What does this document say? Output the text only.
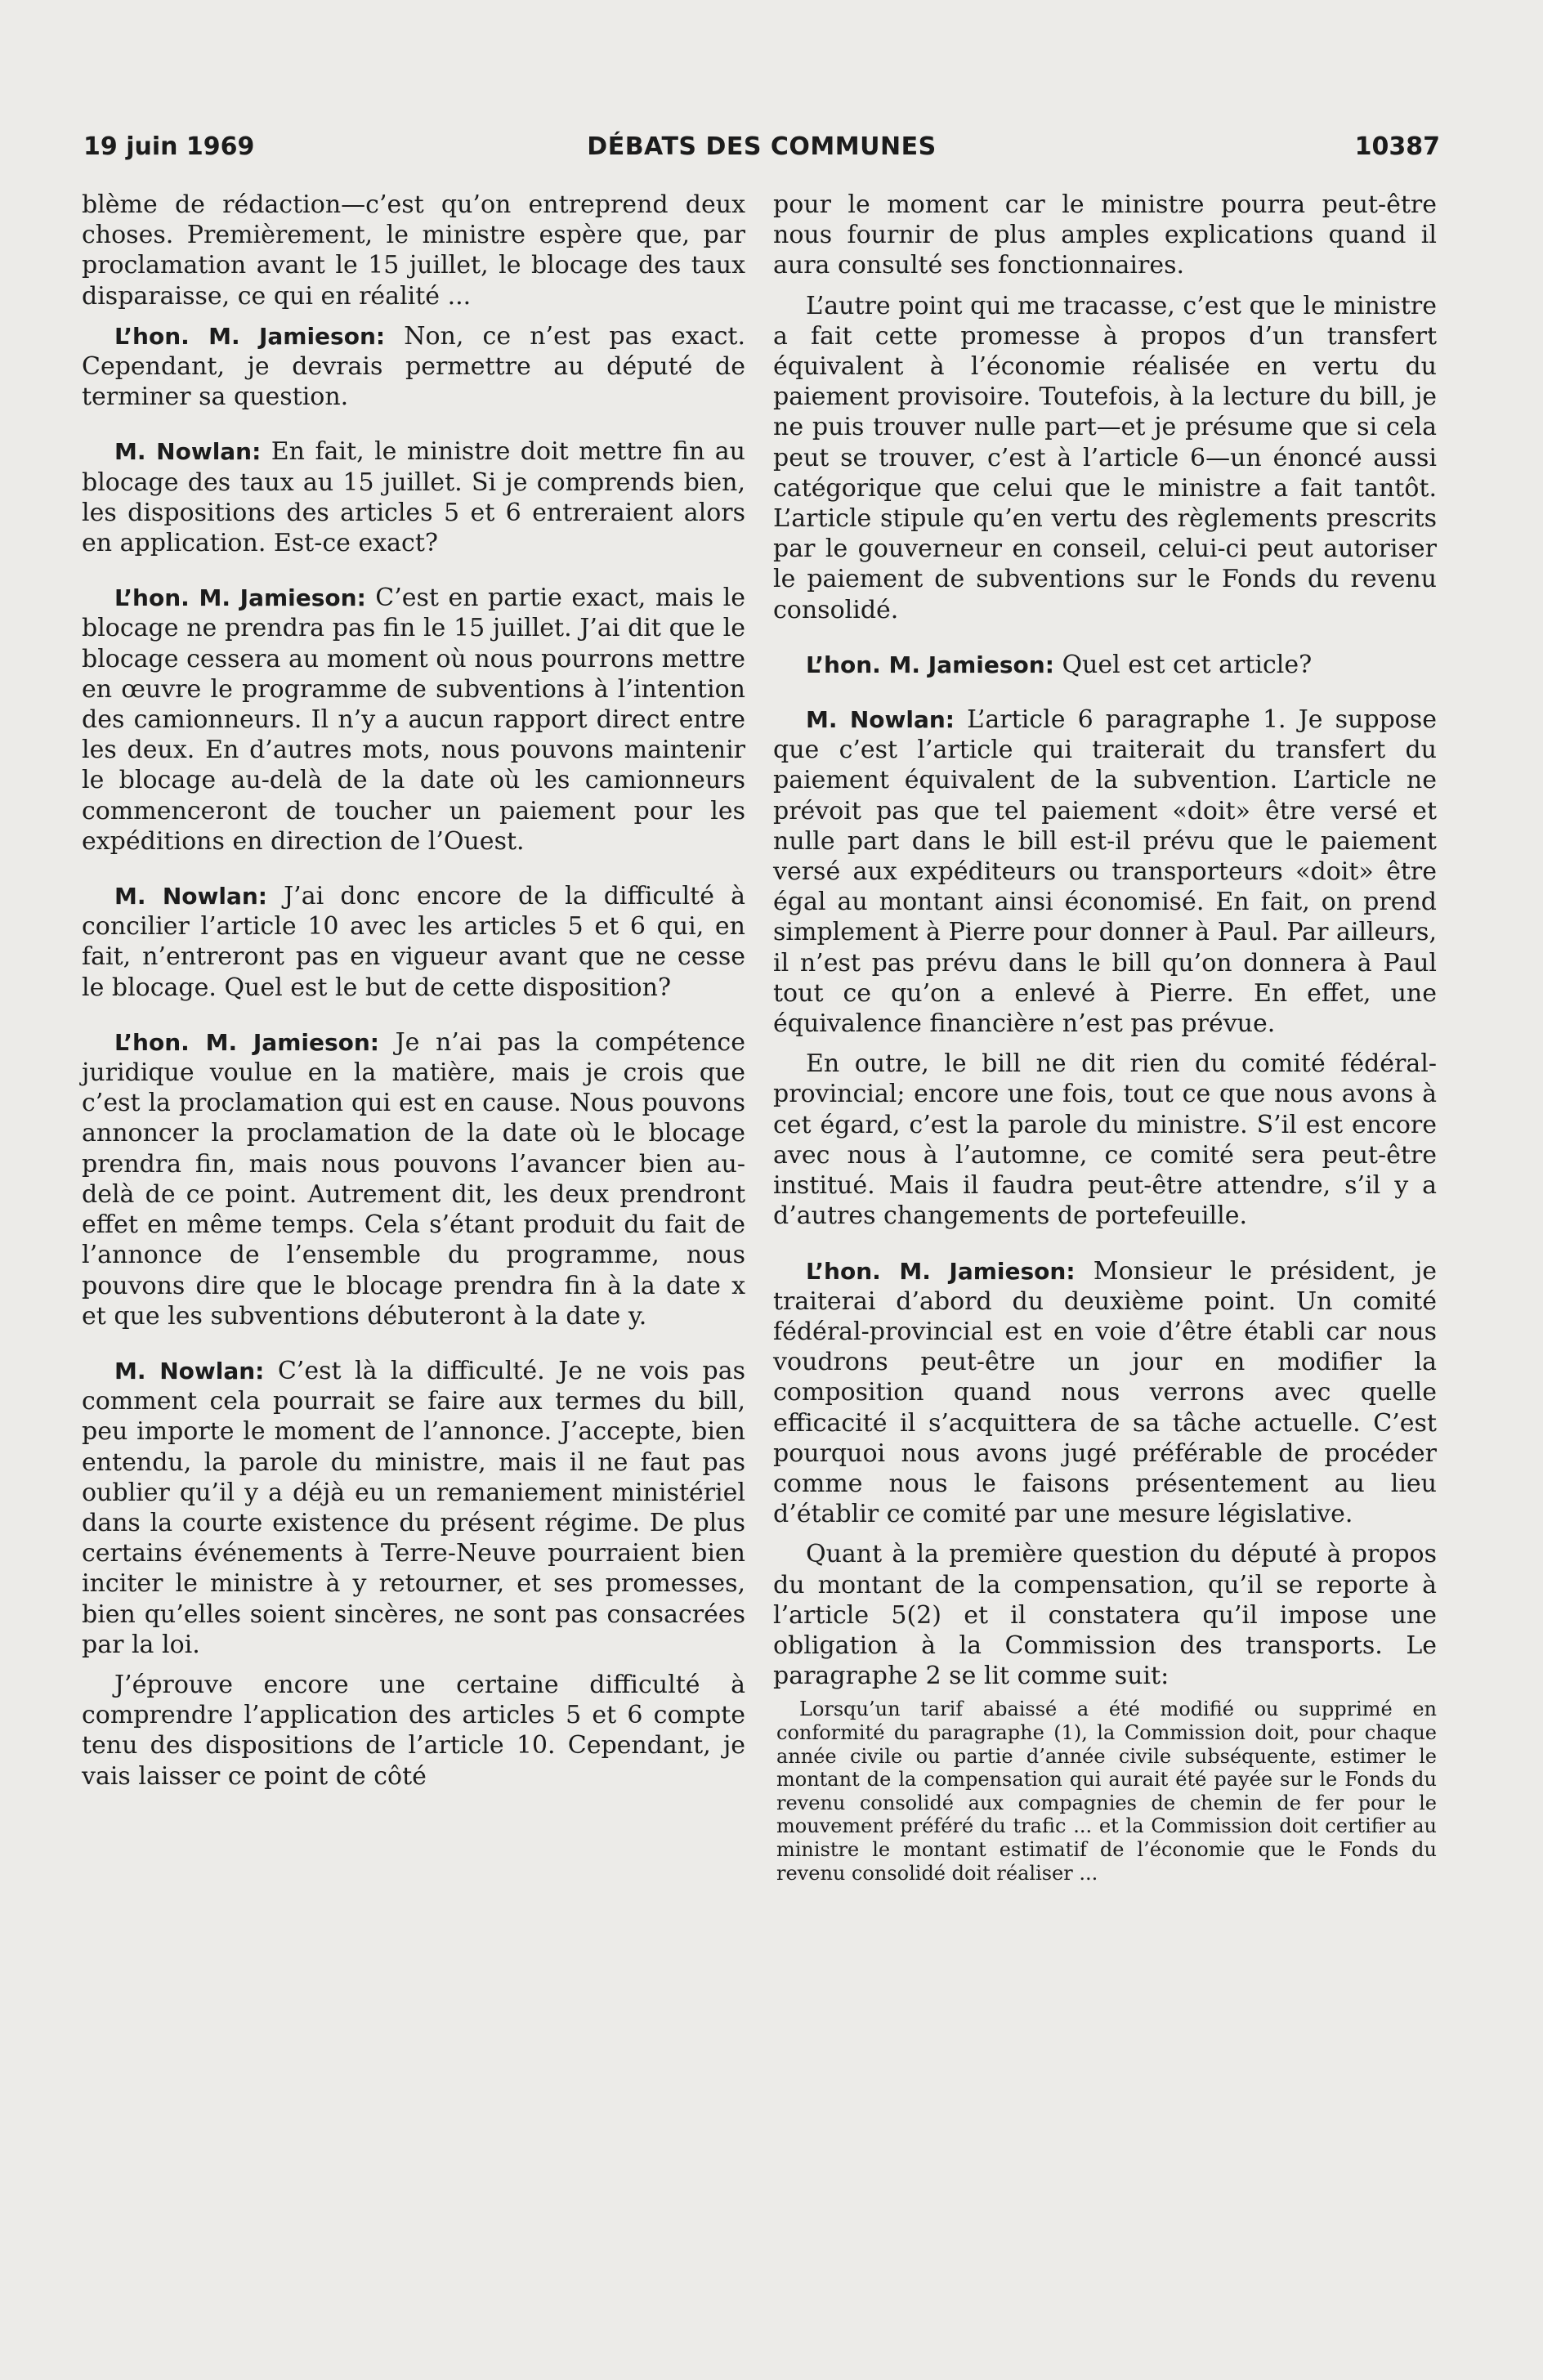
19 juin 1969	DÉBATS DES COMMUNES	10387

blème de rédaction—c’est qu’on entreprend deux choses. Premièrement, le ministre espère que, par proclamation avant le 15 juillet, le blocage des taux disparaisse, ce qui en réalité ...

L’hon. M. Jamieson: Non, ce n’est pas exact. Cependant, je devrais permettre au député de terminer sa question.

M. Nowlan: En fait, le ministre doit mettre fin au blocage des taux au 15 juillet. Si je comprends bien, les dispositions des articles 5 et 6 entreraient alors en application. Est-ce exact?

L’hon. M. Jamieson: C’est en partie exact, mais le blocage ne prendra pas fin le 15 juillet. J’ai dit que le blocage cessera au moment où nous pourrons mettre en œuvre le programme de subventions à l’intention des camionneurs. Il n’y a aucun rapport direct entre les deux. En d’autres mots, nous pouvons maintenir le blocage au-delà de la date où les camionneurs commenceront de toucher un paiement pour les expéditions en direction de l’Ouest.

M. Nowlan: J’ai donc encore de la difficulté à concilier l’article 10 avec les articles 5 et 6 qui, en fait, n’entreront pas en vigueur avant que ne cesse le blocage. Quel est le but de cette disposition?

L’hon. M. Jamieson: Je n’ai pas la compétence juridique voulue en la matière, mais je crois que c’est la proclamation qui est en cause. Nous pouvons annoncer la proclamation de la date où le blocage prendra fin, mais nous pouvons l’avancer bien au-delà de ce point. Autrement dit, les deux prendront effet en même temps. Cela s’étant produit du fait de l’annonce de l’ensemble du programme, nous pouvons dire que le blocage prendra fin à la date x et que les subventions débuteront à la date y.

M. Nowlan: C’est là la difficulté. Je ne vois pas comment cela pourrait se faire aux termes du bill, peu importe le moment de l’annonce. J’accepte, bien entendu, la parole du ministre, mais il ne faut pas oublier qu’il y a déjà eu un remaniement ministériel dans la courte existence du présent régime. De plus certains événements à Terre-Neuve pourraient bien inciter le ministre à y retourner, et ses promesses, bien qu’elles soient sincères, ne sont pas consacrées par la loi.

J’éprouve encore une certaine difficulté à comprendre l’application des articles 5 et 6 compte tenu des dispositions de l’article 10. Cependant, je vais laisser ce point de côté

pour le moment car le ministre pourra peut-être nous fournir de plus amples explications quand il aura consulté ses fonctionnaires.

L’autre point qui me tracasse, c’est que le ministre a fait cette promesse à propos d’un transfert équivalent à l’économie réalisée en vertu du paiement provisoire. Toutefois, à la lecture du bill, je ne puis trouver nulle part—et je présume que si cela peut se trouver, c’est à l’article 6—un énoncé aussi catégorique que celui que le ministre a fait tantôt. L’article stipule qu’en vertu des règlements prescrits par le gouverneur en conseil, celui-ci peut autoriser le paiement de subventions sur le Fonds du revenu consolidé.

L’hon. M. Jamieson: Quel est cet article?

M. Nowlan: L’article 6 paragraphe 1. Je suppose que c’est l’article qui traiterait du transfert du paiement équivalent de la subvention. L’article ne prévoit pas que tel paiement «doit» être versé et nulle part dans le bill est-il prévu que le paiement versé aux expéditeurs ou transporteurs «doit» être égal au montant ainsi économisé. En fait, on prend simplement à Pierre pour donner à Paul. Par ailleurs, il n’est pas prévu dans le bill qu’on donnera à Paul tout ce qu’on a enlevé à Pierre. En effet, une équivalence financière n’est pas prévue.

En outre, le bill ne dit rien du comité fédéral-provincial; encore une fois, tout ce que nous avons à cet égard, c’est la parole du ministre. S’il est encore avec nous à l’automne, ce comité sera peut-être institué. Mais il faudra peut-être attendre, s’il y a d’autres changements de portefeuille.

L’hon. M. Jamieson: Monsieur le président, je traiterai d’abord du deuxième point. Un comité fédéral-provincial est en voie d’être établi car nous voudrons peut-être un jour en modifier la composition quand nous verrons avec quelle efficacité il s’acquittera de sa tâche actuelle. C’est pourquoi nous avons jugé préférable de procéder comme nous le faisons présentement au lieu d’établir ce comité par une mesure législative.

Quant à la première question du député à propos du montant de la compensation, qu’il se reporte à l’article 5(2) et il constatera qu’il impose une obligation à la Commission des transports. Le paragraphe 2 se lit comme suit:

Lorsqu’un tarif abaissé a été modifié ou supprimé en conformité du paragraphe (1), la Commission doit, pour chaque année civile ou partie d’année civile subséquente, estimer le montant de la compensation qui aurait été payée sur le Fonds du revenu consolidé aux compagnies de chemin de fer pour le mouvement préféré du trafic ... et la Commission doit certifier au ministre le montant estimatif de l’économie que le Fonds du revenu consolidé doit réaliser ...
